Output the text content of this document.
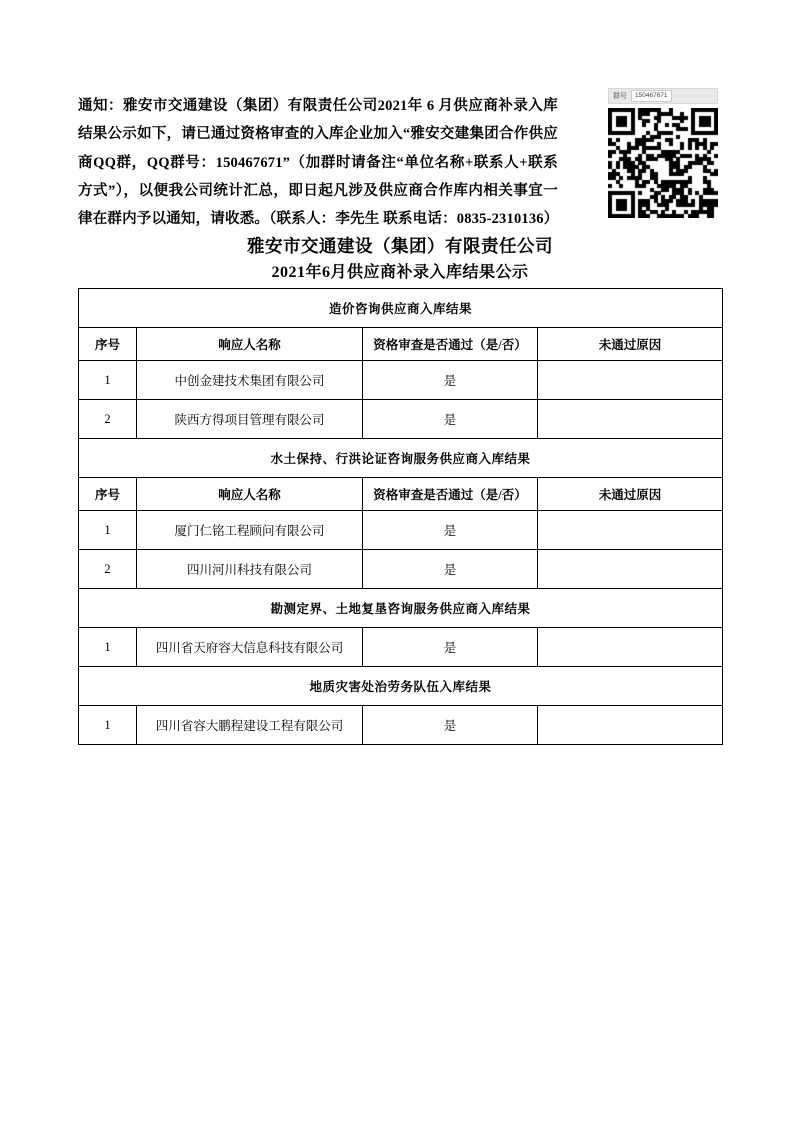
通知：雅安市交通建设（集团）有限责任公司2021年 6 月供应商补录入库结果公示如下，请已通过资格审查的入库企业加入“雅安交建集团合作供应商QQ群，QQ群号：150467671”（加群时请备注“单位名称+联系人+联系方式”），以便我公司统计汇总，即日起凡涉及供应商合作库内相关事宜一律在群内予以通知，请收悉。（联系人：李先生 联系电话：0835-2310136）
群号	150467671
雅安市交通建设（集团）有限责任公司
2021年6月供应商补录入库结果公示
造价咨询供应商入库结果			
序号	响应人名称	资格审查是否通过（是/否）	未通过原因
1	中创金建技术集团有限公司	是	
2	陕西方得项目管理有限公司	是	
水土保持、行洪论证咨询服务供应商入库结果			
序号	响应人名称	资格审查是否通过（是/否）	未通过原因
1	厦门仁铭工程顾问有限公司	是	
2	四川河川科技有限公司	是	
勘测定界、土地复垦咨询服务供应商入库结果			
1	四川省天府容大信息科技有限公司	是	
地质灾害处治劳务队伍入库结果			
1	四川省容大鹏程建设工程有限公司	是	
